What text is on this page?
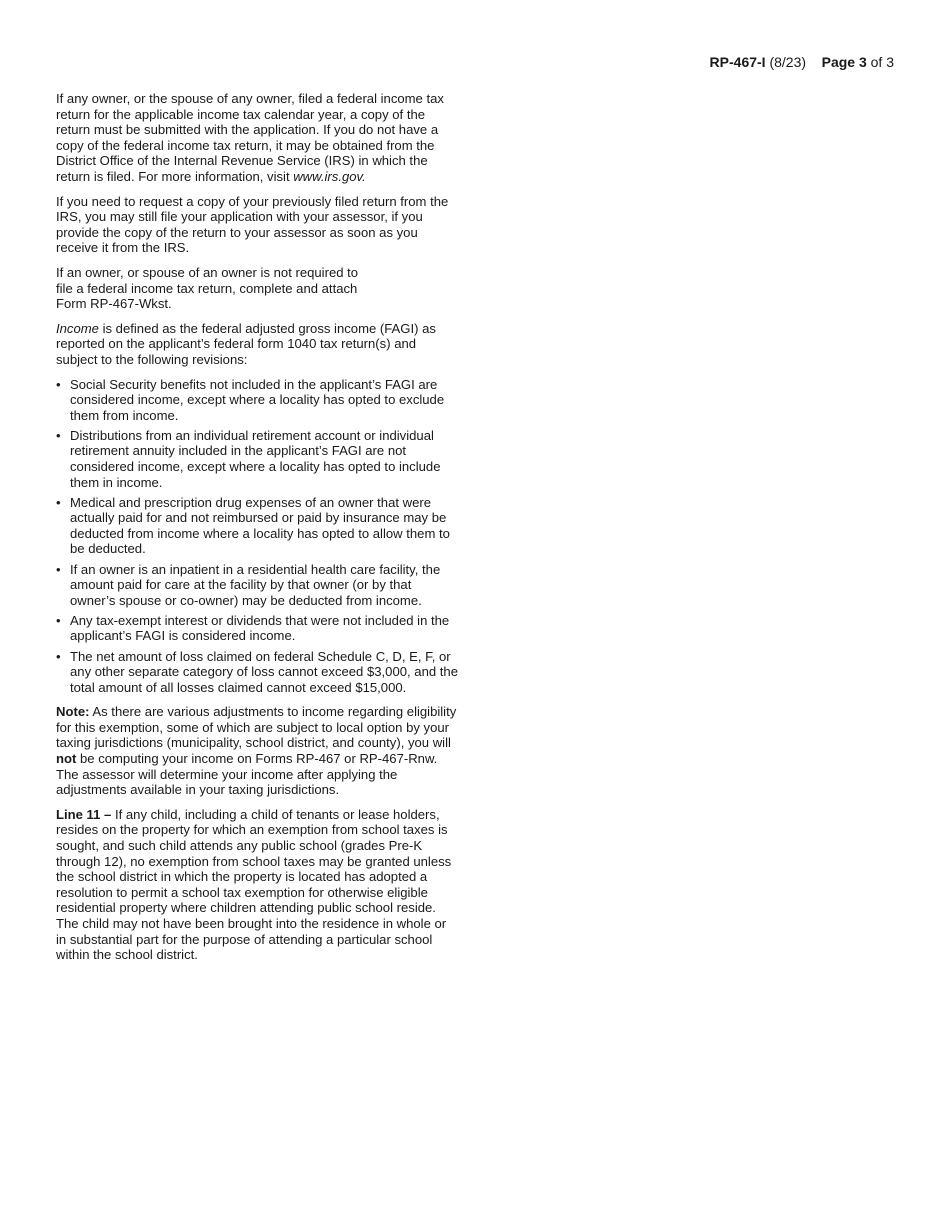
RP-467-I (8/23) Page 3 of 3

If any owner, or the spouse of any owner, filed a federal income tax return for the applicable income tax calendar year, a copy of the return must be submitted with the application. If you do not have a copy of the federal income tax return, it may be obtained from the District Office of the Internal Revenue Service (IRS) in which the return is filed. For more information, visit www.irs.gov.

If you need to request a copy of your previously filed return from the IRS, you may still file your application with your assessor, if you provide the copy of the return to your assessor as soon as you receive it from the IRS.

If an owner, or spouse of an owner is not required to
file a federal income tax return, complete and attach
Form RP-467-Wkst.

Income is defined as the federal adjusted gross income (FAGI) as reported on the applicant’s federal form 1040 tax return(s) and subject to the following revisions:

• Social Security benefits not included in the applicant’s FAGI are considered income, except where a locality has opted to exclude them from income.
• Distributions from an individual retirement account or individual retirement annuity included in the applicant’s FAGI are not considered income, except where a locality has opted to include them in income.
• Medical and prescription drug expenses of an owner that were actually paid for and not reimbursed or paid by insurance may be deducted from income where a locality has opted to allow them to be deducted.
• If an owner is an inpatient in a residential health care facility, the amount paid for care at the facility by that owner (or by that owner’s spouse or co-owner) may be deducted from income.
• Any tax-exempt interest or dividends that were not included in the applicant’s FAGI is considered income.
• The net amount of loss claimed on federal Schedule C, D, E, F, or any other separate category of loss cannot exceed $3,000, and the total amount of all losses claimed cannot exceed $15,000.

Note: As there are various adjustments to income regarding eligibility for this exemption, some of which are subject to local option by your taxing jurisdictions (municipality, school district, and county), you will not be computing your income on Forms RP-467 or RP-467-Rnw. The assessor will determine your income after applying the adjustments available in your taxing jurisdictions.

Line 11 – If any child, including a child of tenants or lease holders, resides on the property for which an exemption from school taxes is sought, and such child attends any public school (grades Pre-K through 12), no exemption from school taxes may be granted unless the school district in which the property is located has adopted a resolution to permit a school tax exemption for otherwise eligible residential property where children attending public school reside. The child may not have been brought into the residence in whole or in substantial part for the purpose of attending a particular school within the school district.
